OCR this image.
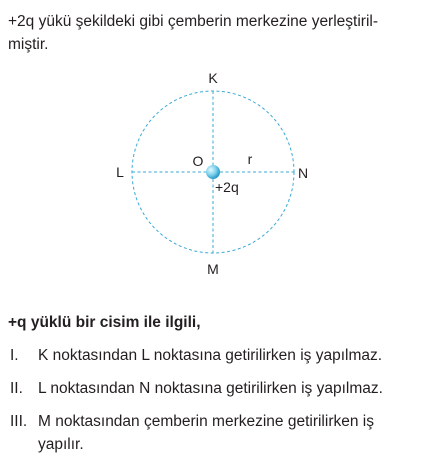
+2q yükü şekildeki gibi çemberin merkezine yerleştiril-
miştir.

K
L	N
M
O	r
+2q

+q yüklü bir cisim ile ilgili,

I.	K noktasından L noktasına getirilirken iş yapılmaz.
II. L noktasından N noktasına getirilirken iş yapılmaz.
III. M noktasından çemberin merkezine getirilirken iş yapılır.
